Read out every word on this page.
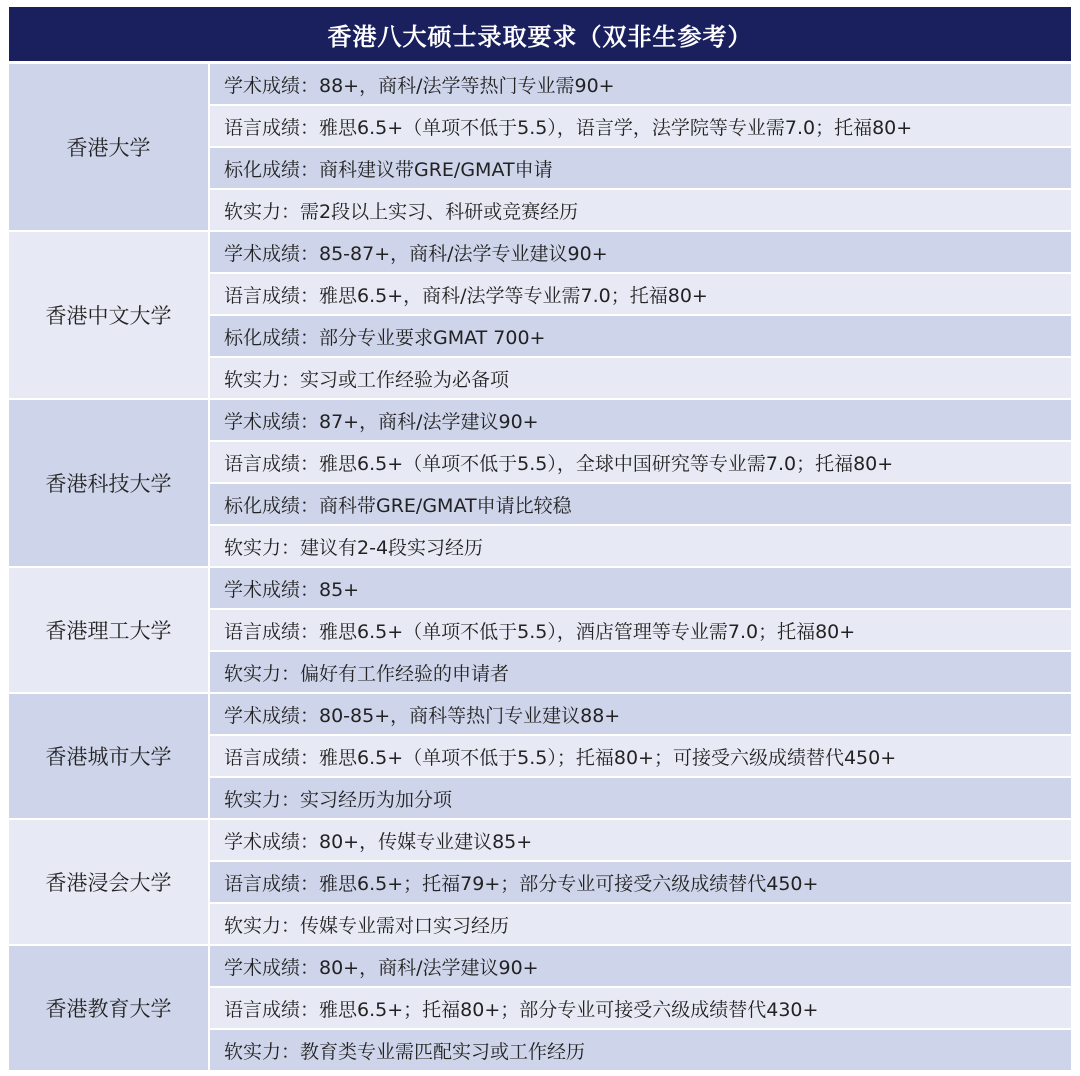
香港八大硕士录取要求（双非生参考）
香港大学
学术成绩：88+，商科/法学等热门专业需90+
语言成绩：雅思6.5+（单项不低于5.5），语言学，法学院等专业需7.0；托福80+
标化成绩：商科建议带GRE/GMAT申请
软实力：需2段以上实习、科研或竞赛经历
香港中文大学
学术成绩：85-87+，商科/法学专业建议90+
语言成绩：雅思6.5+，商科/法学等专业需7.0；托福80+
标化成绩：部分专业要求GMAT 700+
软实力：实习或工作经验为必备项
香港科技大学
学术成绩：87+，商科/法学建议90+
语言成绩：雅思6.5+（单项不低于5.5），全球中国研究等专业需7.0；托福80+
标化成绩：商科带GRE/GMAT申请比较稳
软实力：建议有2-4段实习经历
香港理工大学
学术成绩：85+
语言成绩：雅思6.5+（单项不低于5.5），酒店管理等专业需7.0；托福80+
软实力：偏好有工作经验的申请者
香港城市大学
学术成绩：80-85+，商科等热门专业建议88+
语言成绩：雅思6.5+（单项不低于5.5）；托福80+；可接受六级成绩替代450+
软实力：实习经历为加分项
香港浸会大学
学术成绩：80+，传媒专业建议85+
语言成绩：雅思6.5+；托福79+；部分专业可接受六级成绩替代450+
软实力：传媒专业需对口实习经历
香港教育大学
学术成绩：80+，商科/法学建议90+
语言成绩：雅思6.5+；托福80+；部分专业可接受六级成绩替代430+
软实力：教育类专业需匹配实习或工作经历
